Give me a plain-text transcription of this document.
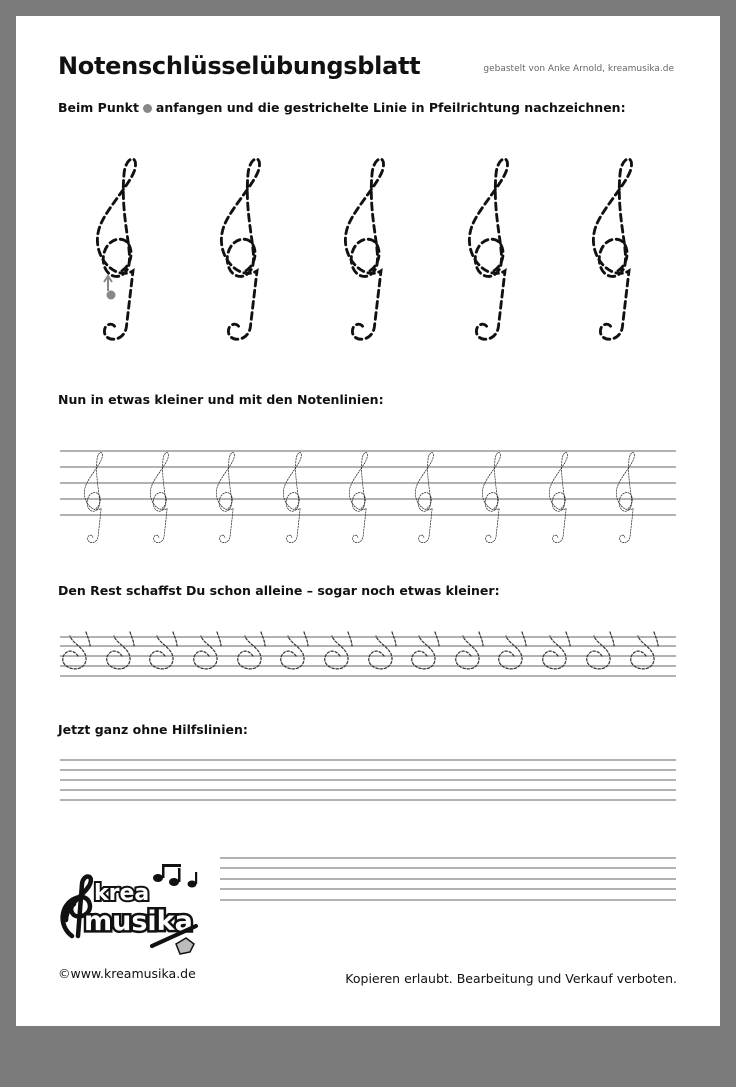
Notenschlüsselübungsblatt	gebastelt von Anke Arnold, kreamusika.de
Beim Punkt anfangen und die gestrichelte Linie in Pfeilrichtung nachzeichnen:
Nun in etwas kleiner und mit den Notenlinien:
Den Rest schaffst Du schon alleine – sogar noch etwas kleiner:
Jetzt ganz ohne Hilfslinien:
krea
musika
©www.kreamusika.de	Kopieren erlaubt. Bearbeitung und Verkauf verboten.
